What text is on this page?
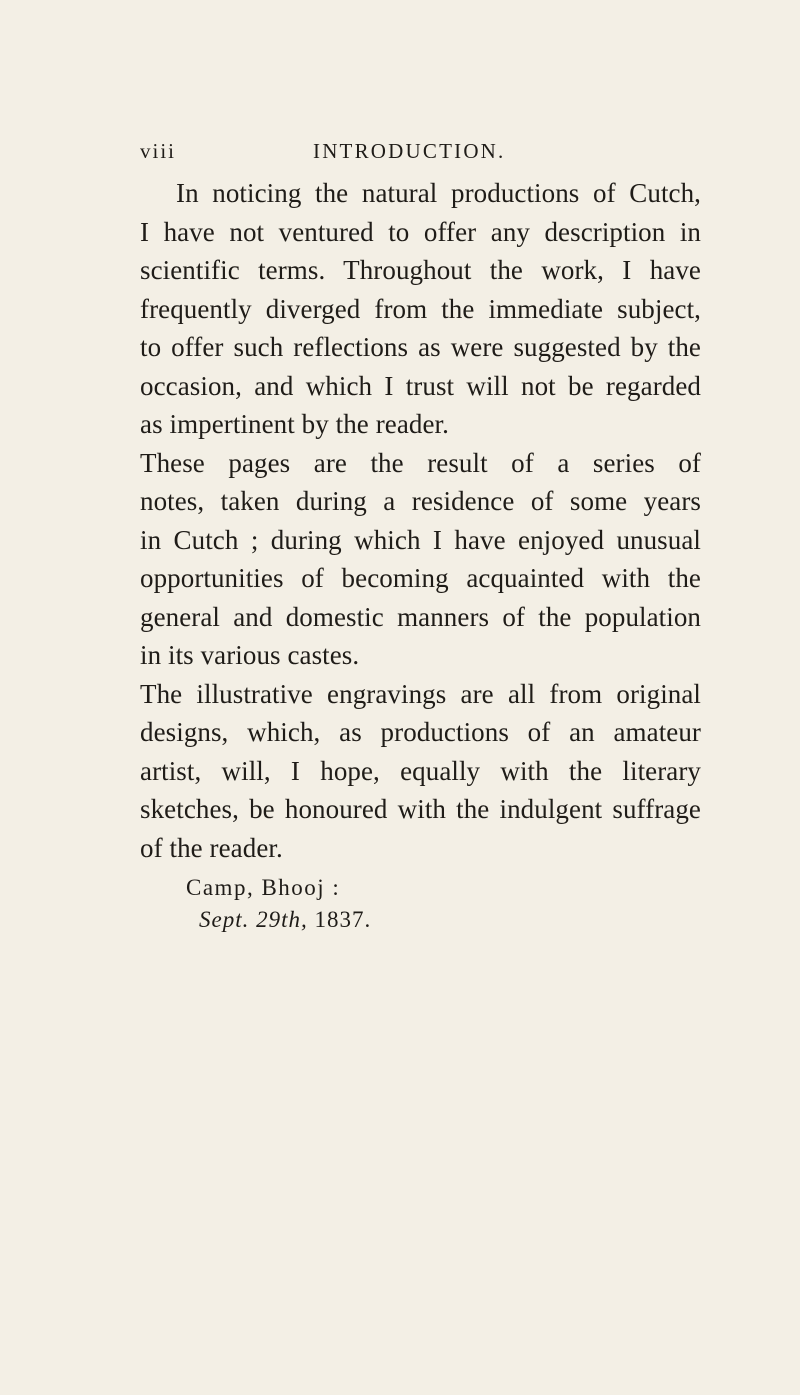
viii	INTRODUCTION.

In noticing the natural productions of Cutch,
I have not ventured to offer any description in
scientific terms. Throughout the work, I have
frequently diverged from the immediate subject,
to offer such reflections as were suggested by the
occasion, and which I trust will not be regarded
as impertinent by the reader.

These pages are the result of a series of
notes, taken during a residence of some years
in Cutch ; during which I have enjoyed unusual
opportunities of becoming acquainted with the
general and domestic manners of the population
in its various castes.

The illustrative engravings are all from original
designs, which, as productions of an amateur
artist, will, I hope, equally with the literary
sketches, be honoured with the indulgent suffrage
of the reader.

Camp, Bhooj :
Sept. 29th, 1837.
